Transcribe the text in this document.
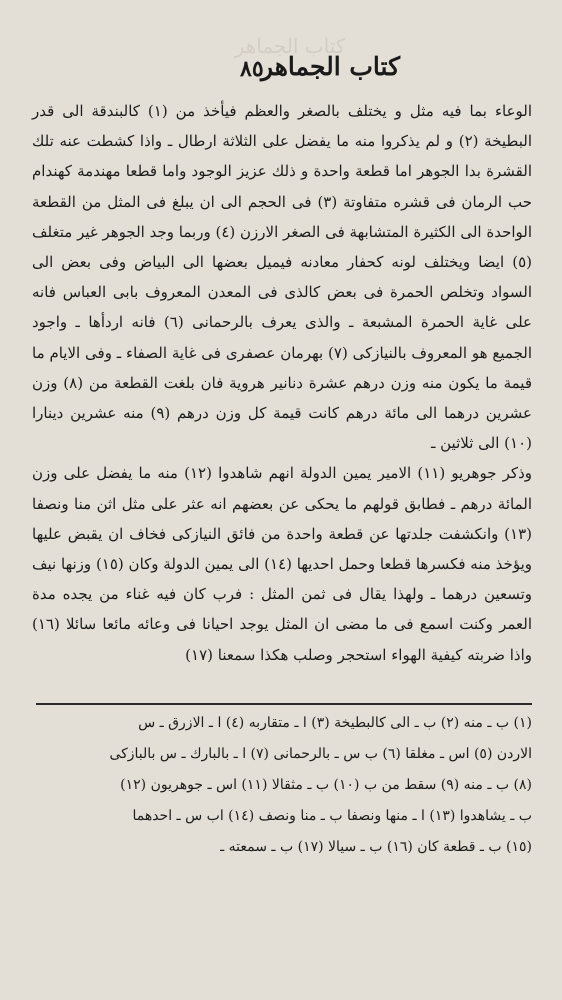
كتاب الجماهر
كتاب الجماهر
٨٥

الوعاء بما فيه مثل و يختلف بالصغر والعظم فيأخذ من (١) كالبندقة الى قدر البطيخة (٢) و لم يذكروا منه ما يفضل على الثلاثة ارطال ـ واذا كشطت عنه تلك القشرة بدا الجوهر اما قطعة واحدة و ذلك عزيز الوجود واما قطعا مهندمة كهندام حب الرمان فى قشره متفاوتة (٣) فى الحجم الى ان يبلغ فى المثل من القطعة الواحدة الى الكثيرة المتشابهة فى الصغر الارزن (٤) وربما وجد الجوهر غير متغلف (٥) ايضا ويختلف لونه كحفار معادنه فيميل بعضها الى البياض وفى بعض الى السواد وتخلص الحمرة فى بعض كالذى فى المعدن المعروف بابى العباس فانه على غاية الحمرة المشبعة ـ والذى يعرف بالرحمانى (٦) فانه اردأها ـ واجود الجميع هو المعروف بالنيازكى (٧) بهرمان عصفرى فى غاية الصفاء ـ وفى الايام ما قيمة ما يكون منه وزن درهم عشرة دنانير هروية فان بلغت القطعة من (٨) وزن عشرين درهما الى مائة درهم كانت قيمة كل وزن درهم (٩) منه عشرين دينارا (١٠) الى ثلاثين ـ

وذكر جوهريو (١١) الامير يمين الدولة انهم شاهدوا (١٢) منه ما يفضل على وزن المائة درهم ـ فطابق قولهم ما يحكى عن بعضهم انه عثر على مثل اثن منا ونصفا (١٣) وانكشفت جلدتها عن قطعة واحدة من فائق النيازكى فخاف ان يقبض عليها ويؤخذ منه فكسرها قطعا وحمل احديها (١٤) الى يمين الدولة وكان (١٥) وزنها نيف وتسعين درهما ـ ولهذا يقال فى ثمن المثل : فرب كان فيه غناء من يجده مدة العمر وكنت اسمع فى ما مضى ان المثل يوجد احيانا فى وعائه مائعا سائلا (١٦) واذا ضربته كيفية الهواء استحجر وصلب هكذا سمعنا (١٧)

(١) ب ـ منه (٢) ب ـ الى كالبطيخة (٣) ا ـ متقاربه (٤) ا ـ الازرق ـ س

الاردن (٥) اس ـ مغلقا (٦) ب س ـ بالرحمانى (٧) ا ـ بالبارك ـ س بالبازكى

(٨) ب ـ منه (٩) سقط من ب (١٠) ب ـ مثقالا (١١) اس ـ جوهريون (١٢)

ب ـ يشاهدوا (١٣) ا ـ منها ونصفا ب ـ منا ونصف (١٤) اب س ـ احدهما

(١٥) ب ـ قطعة كان (١٦) ب ـ سيالا (١٧) ب ـ سمعته ـ
